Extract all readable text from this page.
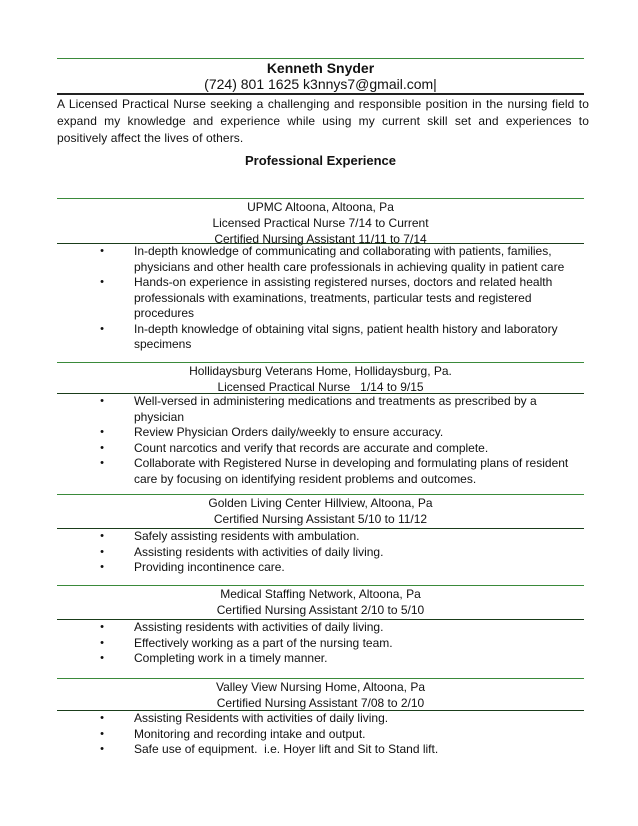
Kenneth Snyder
(724) 801 1625 k3nnys7@gmail.com|
A Licensed Practical Nurse seeking a challenging and responsible position in the nursing field to expand my knowledge and experience while using my current skill set and experiences to positively affect the lives of others.
Professional Experience
UPMC Altoona, Altoona, Pa
Licensed Practical Nurse 7/14 to Current
Certified Nursing Assistant 11/11 to 7/14
•	In-depth knowledge of communicating and collaborating with patients, families, physicians and other health care professionals in achieving quality in patient care
•	Hands-on experience in assisting registered nurses, doctors and related health professionals with examinations, treatments, particular tests and registered procedures
•	In-depth knowledge of obtaining vital signs, patient health history and laboratory specimens
Hollidaysburg Veterans Home, Hollidaysburg, Pa.
Licensed Practical Nurse   1/14 to 9/15
•	Well-versed in administering medications and treatments as prescribed by a physician
•	Review Physician Orders daily/weekly to ensure accuracy.
•	Count narcotics and verify that records are accurate and complete.
•	Collaborate with Registered Nurse in developing and formulating plans of resident care by focusing on identifying resident problems and outcomes.
Golden Living Center Hillview, Altoona, Pa
Certified Nursing Assistant 5/10 to 11/12
•	Safely assisting residents with ambulation.
•	Assisting residents with activities of daily living.
•	Providing incontinence care.
Medical Staffing Network, Altoona, Pa
Certified Nursing Assistant 2/10 to 5/10
•	Assisting residents with activities of daily living.
•	Effectively working as a part of the nursing team.
•	Completing work in a timely manner.
Valley View Nursing Home, Altoona, Pa
Certified Nursing Assistant 7/08 to 2/10
•	Assisting Residents with activities of daily living.
•	Monitoring and recording intake and output.
•	Safe use of equipment.  i.e. Hoyer lift and Sit to Stand lift.
